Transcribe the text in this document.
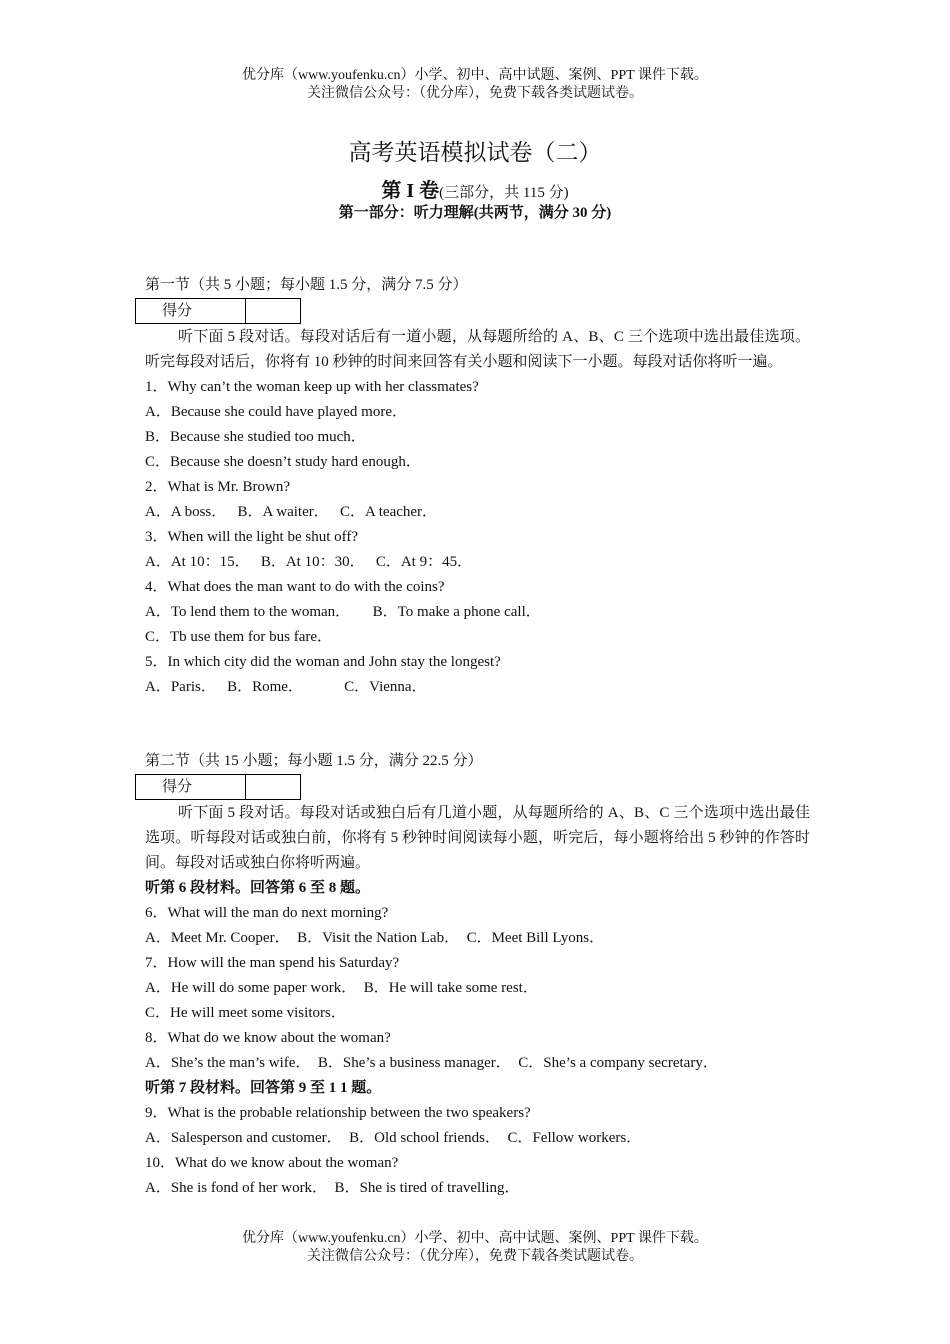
优分库（www.youfenku.cn）小学、初中、高中试题、案例、PPT 课件下载。
关注微信公众号：（优分库），免费下载各类试题试卷。
高考英语模拟试卷（二）
第 I 卷(三部分，共 115 分)
第一部分：听力理解(共两节，满分 30 分)
第一节（共 5 小题；每小题 1.5 分，满分 7.5 分）
得分
听下面 5 段对话。每段对话后有一道小题，从每题所给的 A、B、C 三个选项中选出最佳选项。听完每段对话后，你将有 10 秒钟的时间来回答有关小题和阅读下一小题。每段对话你将听一遍。
1．Why can’t the woman keep up with her classmates?
A．Because she could have played more．
B．Because she studied too much．
C．Because she doesn’t study hard enough．
2．What is Mr. Brown?
A．A boss．　 B．A waiter．　 C．A teacher．
3．When will the light be shut off?
A．At 10：15．　 B．At 10：30．　 C．At 9：45．
4．What does the man want to do with the coins?
A．To lend them to the woman．　　B．To make a phone call．
C．Tb use them for bus fare．
5．In which city did the woman and John stay the longest?
A．Paris．　 B．Rome．　　　 C．Vienna．
第二节（共 15 小题；每小题 1.5 分，满分 22.5 分）
得分
听下面 5 段对话。每段对话或独白后有几道小题，从每题所给的 A、B、C 三个选项中选出最佳选项。听每段对话或独白前，你将有 5 秒钟时间阅读每小题，听完后，每小题将给出 5 秒钟的作答时间。每段对话或独白你将听两遍。
听第 6 段材料。回答第 6 至 8 题。
6．What will the man do next morning?
A．Meet Mr. Cooper．　B．Visit the Nation Lab．　C．Meet Bill Lyons．
7．How will the man spend his Saturday?
A．He will do some paper work．　B．He will take some rest．
C．He will meet some visitors．
8．What do we know about the woman?
A．She’s the man’s wife．　B．She’s a business manager．　C．She’s a company secretary．
听第 7 段材料。回答第 9 至 1 1 题。
9．What is the probable relationship between the two speakers?
A．Salesperson and customer．　B．Old school friends．　C．Fellow workers．
10．What do we know about the woman?
A．She is fond of her work．　B．She is tired of travelling．
优分库（www.youfenku.cn）小学、初中、高中试题、案例、PPT 课件下载。
关注微信公众号：（优分库），免费下载各类试题试卷。
